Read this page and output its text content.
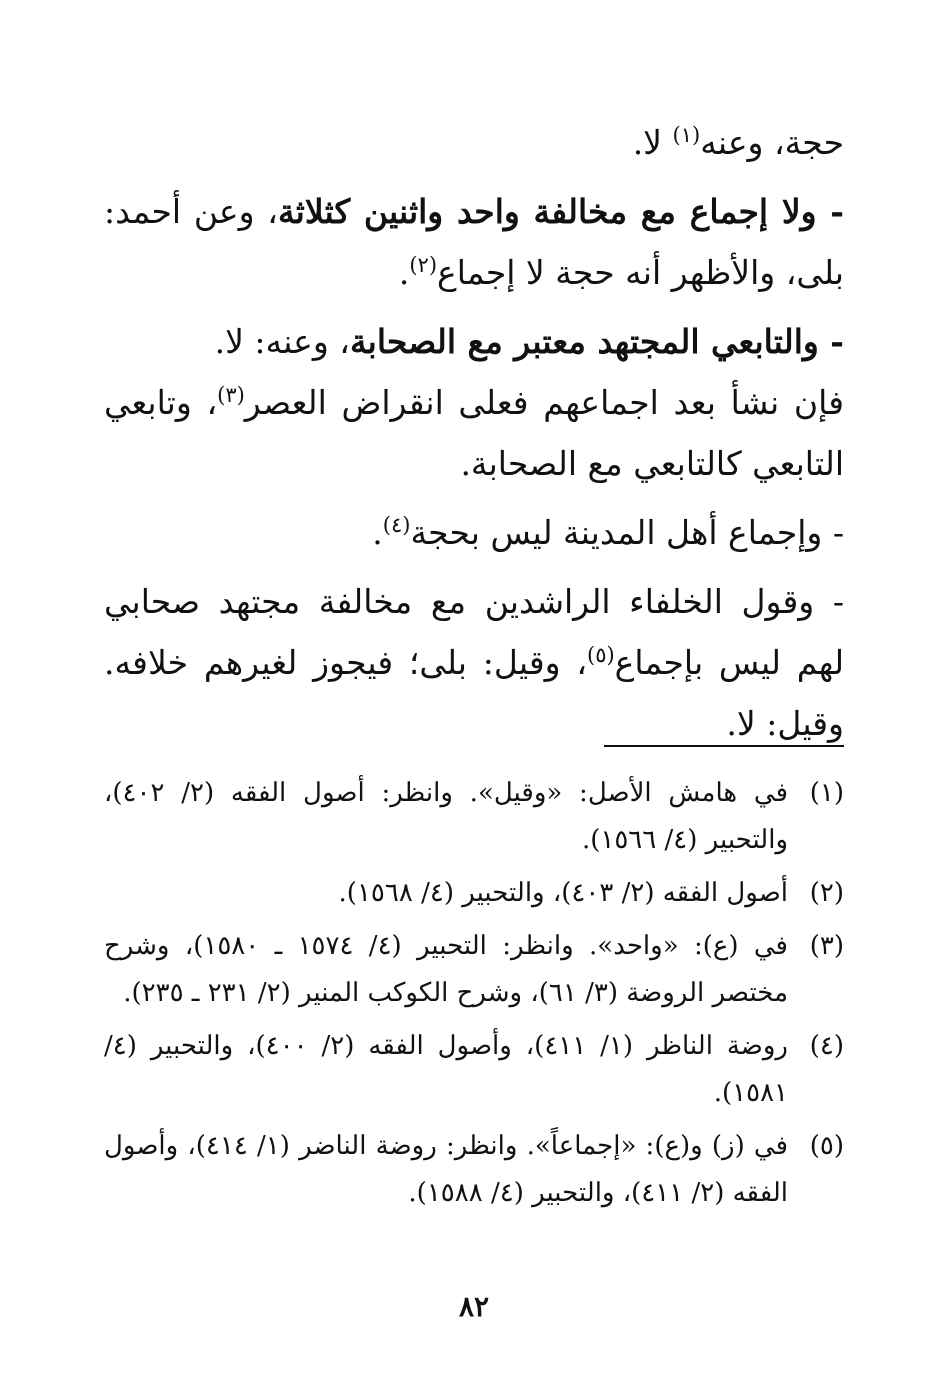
حجة، وعنه$^{(١)}$ لا.

- ولا إجماع مع مخالفة واحد واثنين كثلاثة، وعن أحمد: بلى، والأظهر أنه حجة لا إجماع$^{(٢)}$.

- والتابعي المجتهد معتبر مع الصحابة، وعنه: لا.

فإن نشأ بعد اجماعهم فعلى انقراض العصر$^{(٣)}$، وتابعي التابعي كالتابعي مع الصحابة.

- وإجماع أهل المدينة ليس بحجة$^{(٤)}$.

- وقول الخلفاء الراشدين مع مخالفة مجتهد صحابي لهم ليس بإجماع$^{(٥)}$، وقيل: بلى؛ فيجوز لغيرهم خلافه. وقيل: لا.

(١)
في هامش الأصل: «وقيل». وانظر: أصول الفقه (٢/ ٤٠٢)، والتحبير (٤/ ١٥٦٦).
(٢)
أصول الفقه (٢/ ٤٠٣)، والتحبير (٤/ ١٥٦٨).
(٣)
في (ع): «واحد». وانظر: التحبير (٤/ ١٥٧٤ ـ ١٥٨٠)، وشرح مختصر الروضة (٣/ ٦١)، وشرح الكوكب المنير (٢/ ٢٣١ ـ ٢٣٥).
(٤)
روضة الناظر (١/ ٤١١)، وأصول الفقه (٢/ ٤٠٠)، والتحبير (٤/ ١٥٨١).
(٥)
في (ز) و(ع): «إجماعاً». وانظر: روضة الناضر (١/ ٤١٤)، وأصول الفقه (٢/ ٤١١)، والتحبير (٤/ ١٥٨٨).
٨٢
